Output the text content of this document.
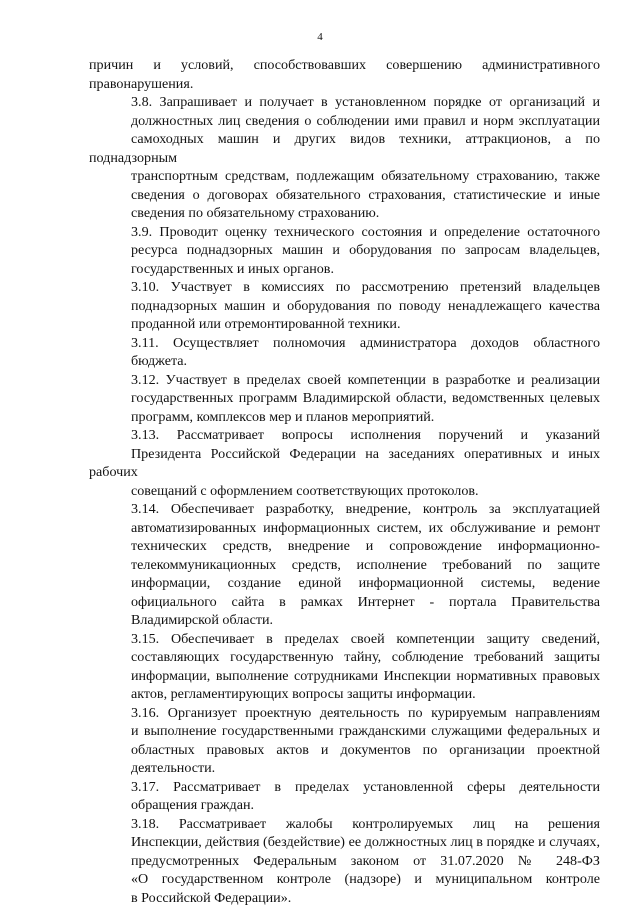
4

причин и условий, способствовавших совершению административного
правонарушения.

3.8. Запрашивает и получает в установленном порядке от организаций и
должностных лиц сведения о соблюдении ими правил и норм эксплуатации
самоходных машин и других видов техники, аттракционов, а по поднадзорным
транспортным средствам, подлежащим обязательному страхованию, также
сведения о договорах обязательного страхования, статистические и иные
сведения по обязательному страхованию.

3.9. Проводит оценку технического состояния и определение остаточного
ресурса поднадзорных машин и оборудования по запросам владельцев,
государственных и иных органов.

3.10. Участвует в комиссиях по рассмотрению претензий владельцев
поднадзорных машин и оборудования по поводу ненадлежащего качества
проданной или отремонтированной техники.

3.11. Осуществляет полномочия администратора доходов областного
бюджета.

3.12. Участвует в пределах своей компетенции в разработке и реализации
государственных программ Владимирской области, ведомственных целевых
программ, комплексов мер и планов мероприятий.

3.13. Рассматривает вопросы исполнения поручений и указаний
Президента Российской Федерации на заседаниях оперативных и иных рабочих
совещаний с оформлением соответствующих протоколов.

3.14. Обеспечивает разработку, внедрение, контроль за эксплуатацией
автоматизированных информационных систем, их обслуживание и ремонт
технических средств, внедрение и сопровождение информационно-
телекоммуникационных средств, исполнение требований по защите
информации, создание единой информационной системы, ведение
официального сайта в рамках Интернет - портала Правительства
Владимирской области.

3.15. Обеспечивает в пределах своей компетенции защиту сведений,
составляющих государственную тайну, соблюдение требований защиты
информации, выполнение сотрудниками Инспекции нормативных правовых
актов, регламентирующих вопросы защиты информации.

3.16. Организует проектную деятельность по курируемым направлениям
и выполнение государственными гражданскими служащими федеральных и
областных правовых актов и документов по организации проектной
деятельности.

3.17. Рассматривает в пределах установленной сферы деятельности
обращения граждан.

3.18. Рассматривает жалобы контролируемых лиц на решения
Инспекции, действия (бездействие) ее должностных лиц в порядке и случаях,
предусмотренных Федеральным законом от 31.07.2020 № 248-ФЗ
«О государственном контроле (надзоре) и муниципальном контроле
в Российской Федерации».
